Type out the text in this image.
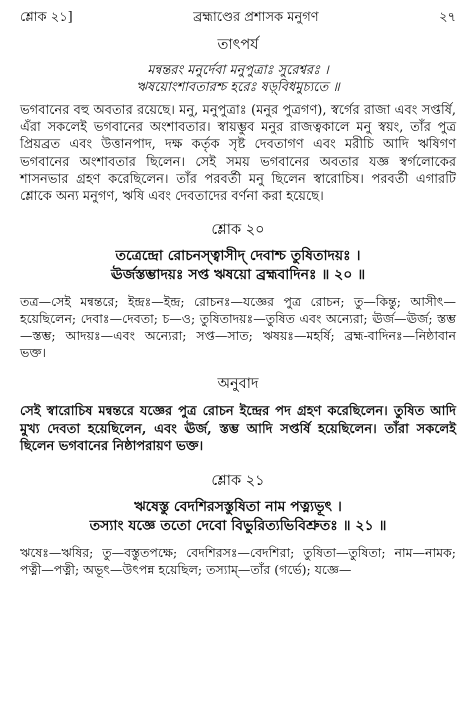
শ্লোক ২১]	ব্রহ্মাণ্ডের প্রশাসক মনুগণ	২৭
তাৎপর্য
মন্বন্তরং মনুর্দেবা মনুপুত্রাঃ সুরেশ্বরঃ ।
ঋষয়োংশাবতারশ্চ হরেঃ ষড়্‌বিধমুচ্যতে ॥

ভগবানের বহু অবতার রয়েছে। মনু, মনুপুত্রাঃ (মনুর পুত্রগণ), স্বর্গের রাজা এবং সপ্তর্ষি, এঁরা সকলেই ভগবানের অংশাবতার। স্বায়ম্ভুব মনুর রাজত্বকালে মনু স্বয়ং, তাঁর পুত্র প্রিয়ব্রত এবং উত্তানপাদ, দক্ষ কর্তৃক সৃষ্ট দেবতাগণ এবং মরীচি আদি ঋষিগণ ভগবানের অংশাবতার ছিলেন। সেই সময় ভগবানের অবতার যজ্ঞ স্বর্গলোকের শাসনভার গ্রহণ করেছিলেন। তাঁর পরবর্তী মনু ছিলেন স্বারোচিষ। পরবর্তী এগারটি শ্লোকে অন্য মনুগণ, ঋষি এবং দেবতাদের বর্ণনা করা হয়েছে।

শ্লোক ২০
তত্রেন্দ্রো রোচনস্ত্বাসীদ্ দেবাশ্চ তুষিতাদয়ঃ ।
ঊর্জস্তম্ভাদয়ঃ সপ্ত ঋষয়ো ব্রহ্মবাদিনঃ ॥ ২০ ॥

তত্র—সেই মন্বন্তরে; ইন্দ্রঃ—ইন্দ্র; রোচনঃ—যজ্ঞের পুত্র রোচন; তু—কিন্তু; আসীৎ—হয়েছিলেন; দেবাঃ—দেবতা; চ—ও; তুষিতাদয়ঃ—তুষিত এবং অন্যেরা; ঊর্জ—ঊর্জ; স্তম্ভ—স্তম্ভ; আদয়ঃ—এবং অন্যেরা; সপ্ত—সাত; ঋষয়ঃ—মহর্ষি; ব্রহ্ম-বাদিনঃ—নিষ্ঠাবান ভক্ত।

অনুবাদ

সেই স্বারোচিষ মন্বন্তরে যজ্ঞের পুত্র রোচন ইন্দ্রের পদ গ্রহণ করেছিলেন। তুষিত আদি মুখ্য দেবতা হয়েছিলেন, এবং ঊর্জ, স্তম্ভ আদি সপ্তর্ষি হয়েছিলেন। তাঁরা সকলেই ছিলেন ভগবানের নিষ্ঠাপরায়ণ ভক্ত।

শ্লোক ২১
ঋষেস্তু বেদশিরসস্তুষিতা নাম পত্ন্যভূৎ ।
তস্যাং যজ্ঞে ততো দেবো বিভুরিত্যভিবিশ্রুতঃ ॥ ২১ ॥

ঋষেঃ—ঋষির; তু—বস্তুতপক্ষে; বেদশিরসঃ—বেদশিরা; তুষিতা—তুষিতা; নাম—নামক; পত্নী—পত্নী; অভূৎ—উৎপন্ন হয়েছিল; তস্যাম্—তাঁর (গর্ভে); যজ্ঞে—
